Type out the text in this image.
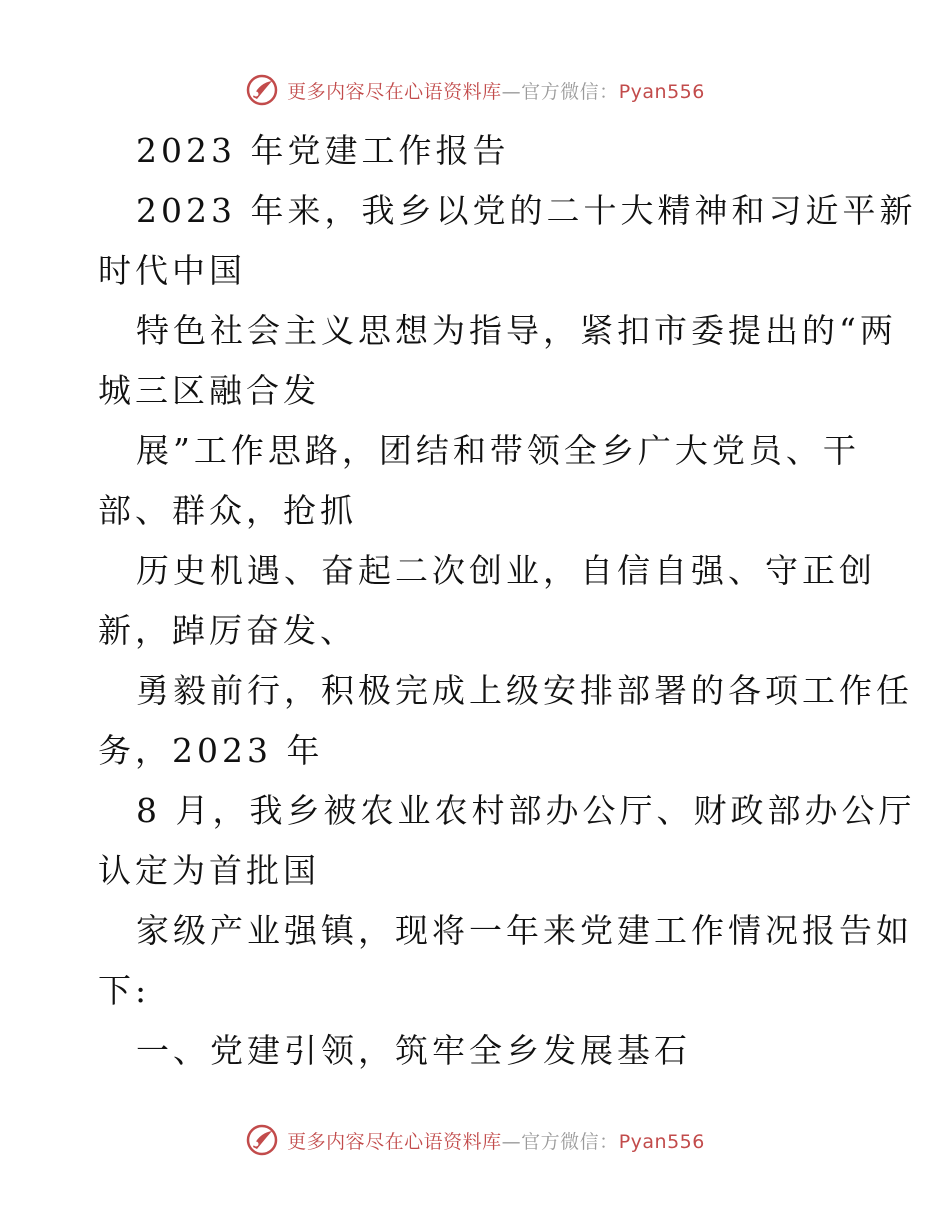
更多内容尽在心语资料库—官方微信：Pyan556
2023 年党建工作报告
2023 年来，我乡以党的二十大精神和习近平新
时代中国
特色社会主义思想为指导，紧扣市委提出的“两
城三区融合发
展”工作思路，团结和带领全乡广大党员、干
部、群众，抢抓
历史机遇、奋起二次创业，自信自强、守正创
新，踔厉奋发、
勇毅前行，积极完成上级安排部署的各项工作任
务，2023 年
8 月，我乡被农业农村部办公厅、财政部办公厅
认定为首批国
家级产业强镇，现将一年来党建工作情况报告如
下:
一、党建引领，筑牢全乡发展基石
更多内容尽在心语资料库—官方微信：Pyan556
